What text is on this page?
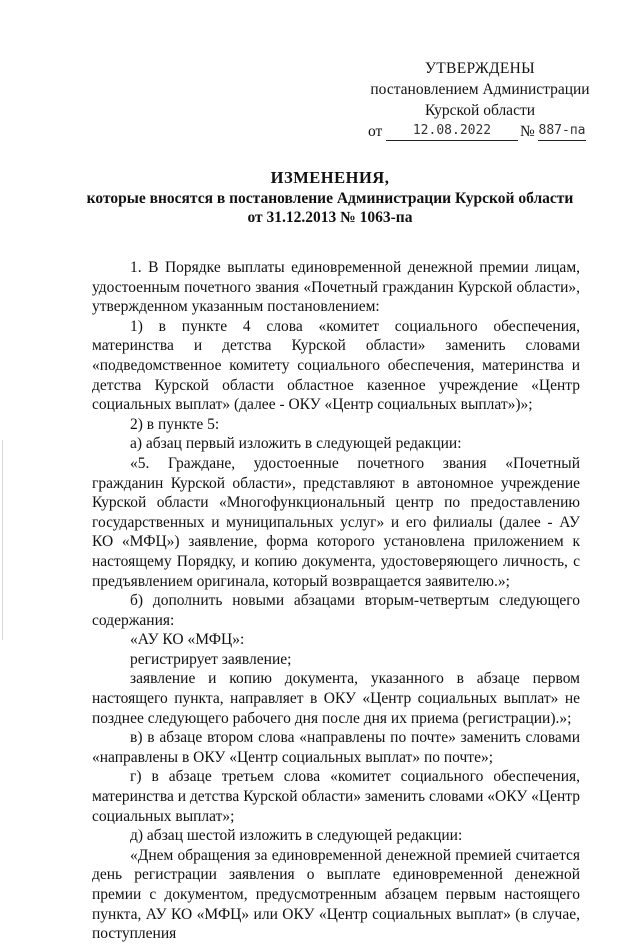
УТВЕРЖДЕНЫ
постановлением Администрации
Курской области
от	12.08.2022	№ 887-па
ИЗМЕНЕНИЯ,
которые вносятся в постановление Администрации Курской области
от 31.12.2013 № 1063-па

1. В Порядке выплаты единовременной денежной премии лицам, удостоенным почетного звания «Почетный гражданин Курской области», утвержденном указанным постановлением:

1) в пункте 4 слова «комитет социального обеспечения, материнства и детства Курской области» заменить словами «подведомственное комитету социального обеспечения, материнства и детства Курской области областное казенное учреждение «Центр социальных выплат» (далее - ОКУ «Центр социальных выплат»)»;

2) в пункте 5:

а) абзац первый изложить в следующей редакции:

«5. Граждане, удостоенные почетного звания «Почетный гражданин Курской области», представляют в автономное учреждение Курской области «Многофункциональный центр по предоставлению государственных и муниципальных услуг» и его филиалы (далее - АУ КО «МФЦ») заявление, форма которого установлена приложением к настоящему Порядку, и копию документа, удостоверяющего личность, с предъявлением оригинала, который возвращается заявителю.»;

б) дополнить новыми абзацами вторым-четвертым следующего содержания:

«АУ КО «МФЦ»:

регистрирует заявление;

заявление и копию документа, указанного в абзаце первом настоящего пункта, направляет в ОКУ «Центр социальных выплат» не позднее следующего рабочего дня после дня их приема (регистрации).»;

в) в абзаце втором слова «направлены по почте» заменить словами «направлены в ОКУ «Центр социальных выплат» по почте»;

г) в абзаце третьем слова «комитет социального обеспечения, материнства и детства Курской области» заменить словами «ОКУ «Центр социальных выплат»;

д) абзац шестой изложить в следующей редакции:

«Днем обращения за единовременной денежной премией считается день регистрации заявления о выплате единовременной денежной премии с документом, предусмотренным абзацем первым настоящего пункта, АУ КО «МФЦ» или ОКУ «Центр социальных выплат» (в случае, поступления
